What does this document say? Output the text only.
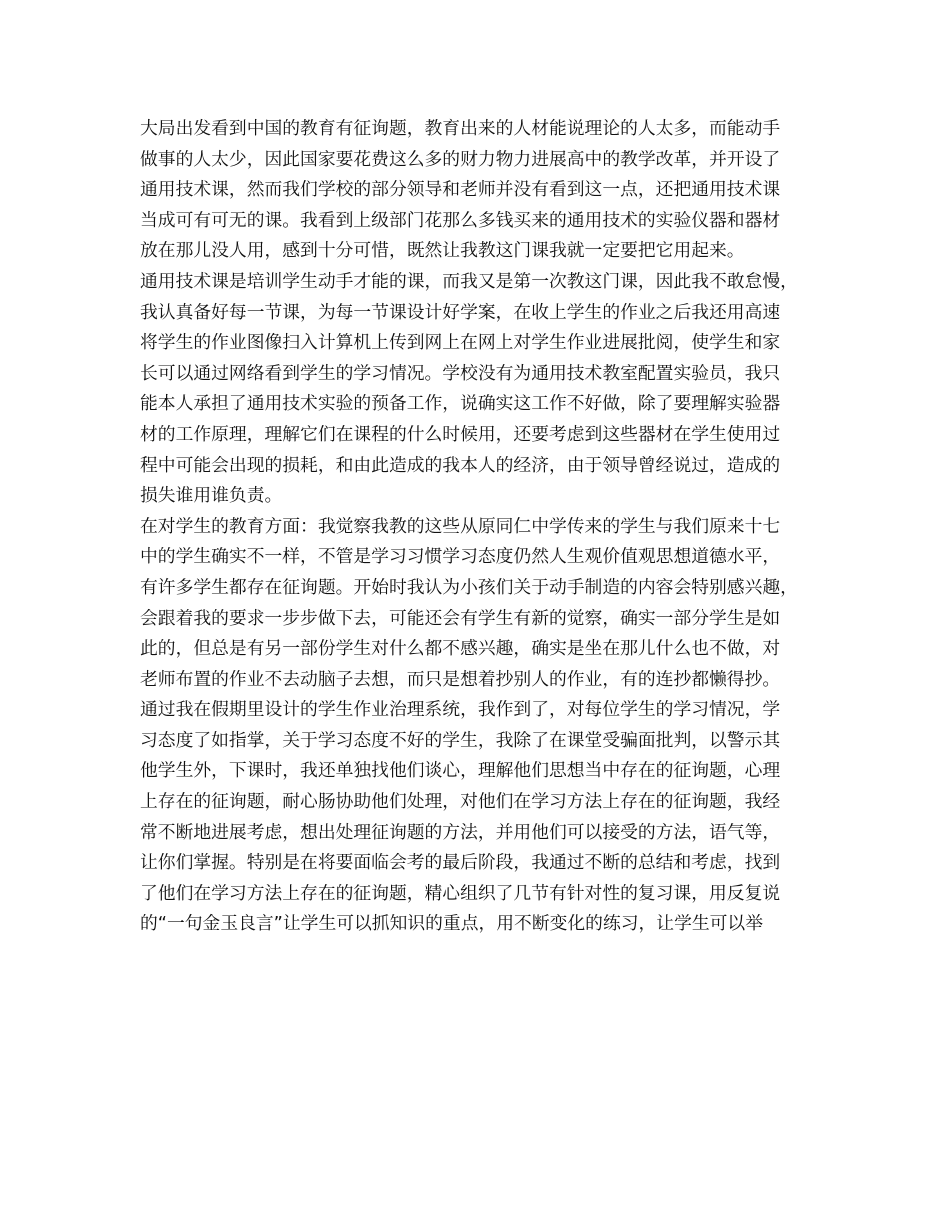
大局出发看到中国的教育有征询题，教育出来的人材能说理论的人太多，而能动手
做事的人太少，因此国家要花费这么多的财力物力进展高中的教学改革，并开设了
通用技术课，然而我们学校的部分领导和老师并没有看到这一点，还把通用技术课
当成可有可无的课。我看到上级部门花那么多钱买来的通用技术的实验仪器和器材
放在那儿没人用，感到十分可惜，既然让我教这门课我就一定要把它用起来。
通用技术课是培训学生动手才能的课，而我又是第一次教这门课，因此我不敢怠慢，
我认真备好每一节课，为每一节课设计好学案，在收上学生的作业之后我还用高速
将学生的作业图像扫入计算机上传到网上在网上对学生作业进展批阅，使学生和家
长可以通过网络看到学生的学习情况。学校没有为通用技术教室配置实验员，我只
能本人承担了通用技术实验的预备工作，说确实这工作不好做，除了要理解实验器
材的工作原理，理解它们在课程的什么时候用，还要考虑到这些器材在学生使用过
程中可能会出现的损耗，和由此造成的我本人的经济，由于领导曾经说过，造成的
损失谁用谁负责。
在对学生的教育方面：我觉察我教的这些从原同仁中学传来的学生与我们原来十七
中的学生确实不一样，不管是学习习惯学习态度仍然人生观价值观思想道德水平，
有许多学生都存在征询题。开始时我认为小孩们关于动手制造的内容会特别感兴趣，
会跟着我的要求一步步做下去，可能还会有学生有新的觉察，确实一部分学生是如
此的，但总是有另一部份学生对什么都不感兴趣，确实是坐在那儿什么也不做，对
老师布置的作业不去动脑子去想，而只是想着抄别人的作业，有的连抄都懒得抄。
通过我在假期里设计的学生作业治理系统，我作到了，对每位学生的学习情况，学
习态度了如指掌，关于学习态度不好的学生，我除了在课堂受骗面批判，以警示其
他学生外，下课时，我还单独找他们谈心，理解他们思想当中存在的征询题，心理
上存在的征询题，耐心肠协助他们处理，对他们在学习方法上存在的征询题，我经
常不断地进展考虑，想出处理征询题的方法，并用他们可以接受的方法，语气等，
让你们掌握。特别是在将要面临会考的最后阶段，我通过不断的总结和考虑，找到
了他们在学习方法上存在的征询题，精心组织了几节有针对性的复习课，用反复说
的“一句金玉良言”让学生可以抓知识的重点，用不断变化的练习，让学生可以举
